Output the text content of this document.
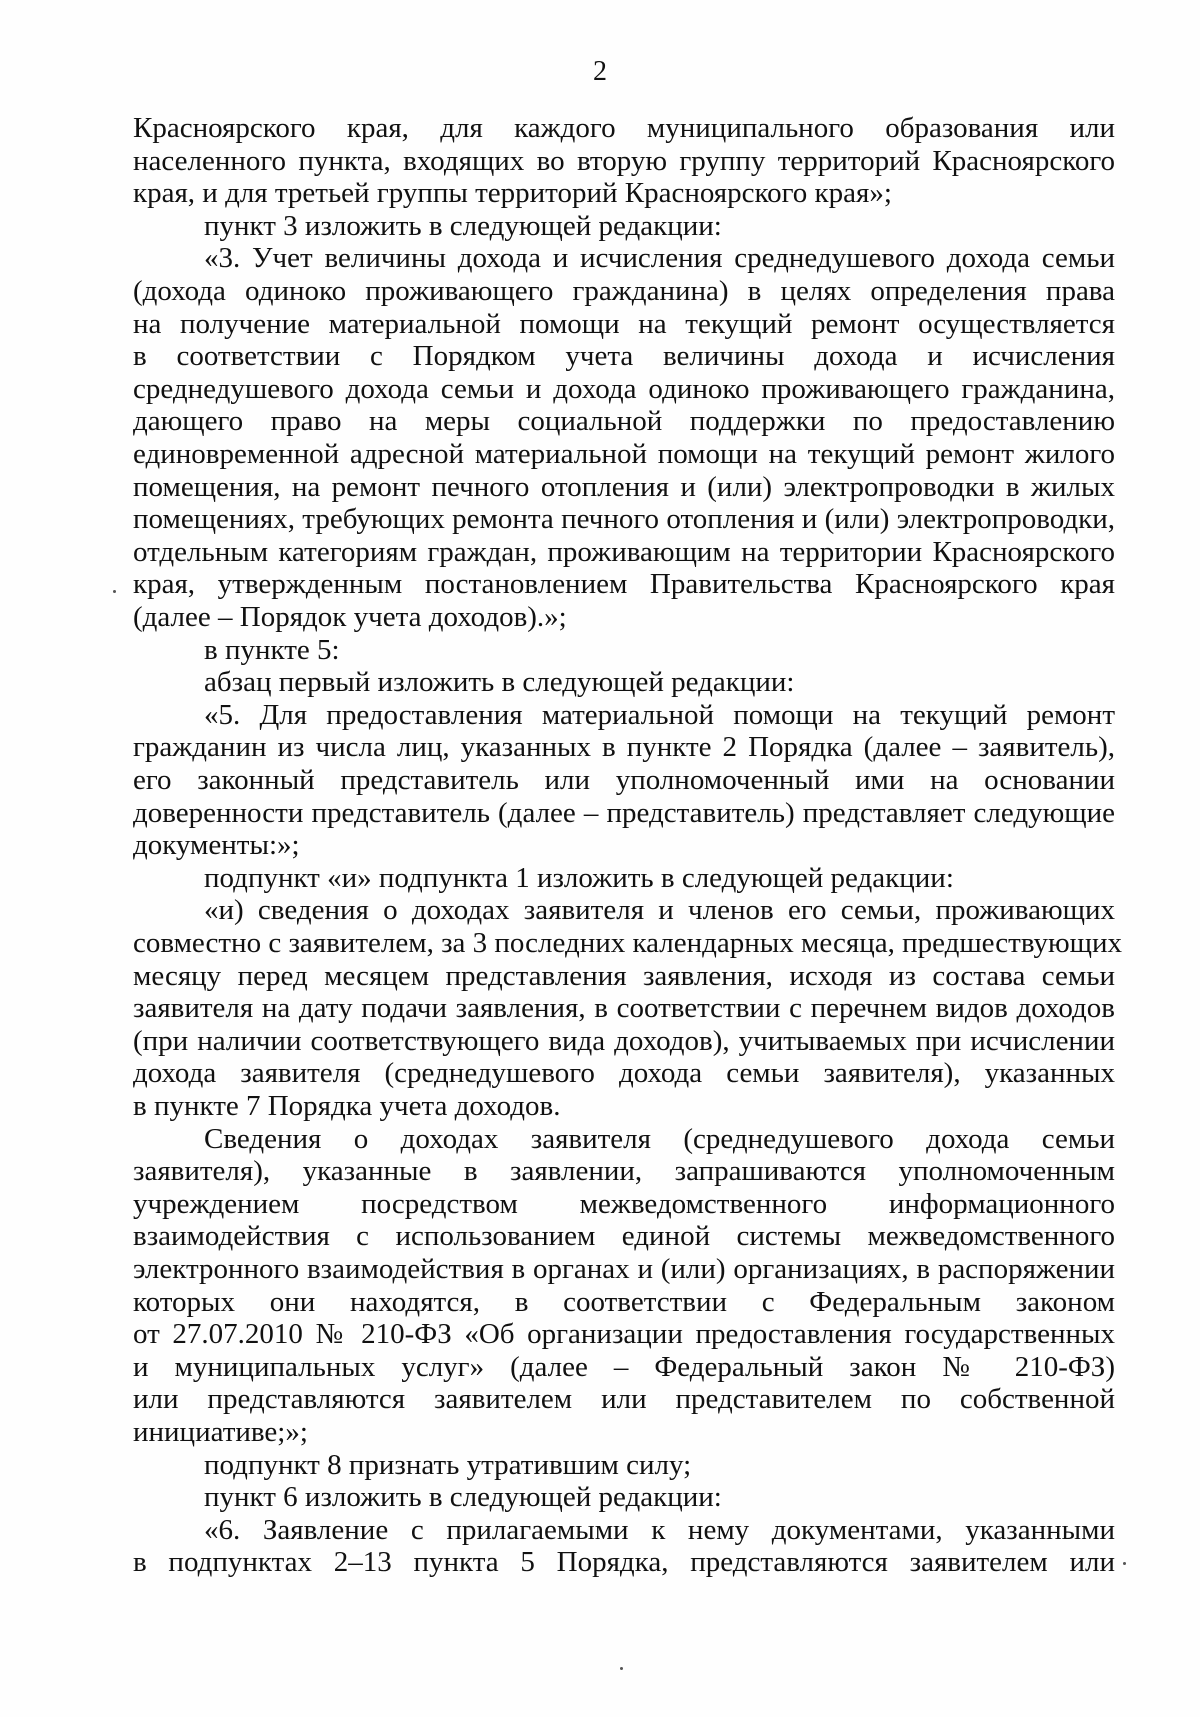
2
Красноярского края, для каждого муниципального образования или
населенного пункта, входящих во вторую группу территорий Красноярского
края, и для третьей группы территорий Красноярского края»;
пункт 3 изложить в следующей редакции:
«3. Учет величины дохода и исчисления среднедушевого дохода семьи
(дохода одиноко проживающего гражданина) в целях определения права
на получение материальной помощи на текущий ремонт осуществляется
в соответствии с Порядком учета величины дохода и исчисления
среднедушевого дохода семьи и дохода одиноко проживающего гражданина,
дающего право на меры социальной поддержки по предоставлению
единовременной адресной материальной помощи на текущий ремонт жилого
помещения, на ремонт печного отопления и (или) электропроводки в жилых
помещениях, требующих ремонта печного отопления и (или) электропроводки,
отдельным категориям граждан, проживающим на территории Красноярского
края, утвержденным постановлением Правительства Красноярского края
(далее – Порядок учета доходов).»;
в пункте 5:
абзац первый изложить в следующей редакции:
«5. Для предоставления материальной помощи на текущий ремонт
гражданин из числа лиц, указанных в пункте 2 Порядка (далее – заявитель),
его законный представитель или уполномоченный ими на основании
доверенности представитель (далее – представитель) представляет следующие
документы:»;
подпункт «и» подпункта 1 изложить в следующей редакции:
«и) сведения о доходах заявителя и членов его семьи, проживающих
совместно с заявителем, за 3 последних календарных месяца, предшествующих
месяцу перед месяцем представления заявления, исходя из состава семьи
заявителя на дату подачи заявления, в соответствии с перечнем видов доходов
(при наличии соответствующего вида доходов), учитываемых при исчислении
дохода заявителя (среднедушевого дохода семьи заявителя), указанных
в пункте 7 Порядка учета доходов.
Сведения о доходах заявителя (среднедушевого дохода семьи
заявителя), указанные в заявлении, запрашиваются уполномоченным
учреждением посредством межведомственного информационного
взаимодействия с использованием единой системы межведомственного
электронного взаимодействия в органах и (или) организациях, в распоряжении
которых они находятся, в соответствии с Федеральным законом
от 27.07.2010 № 210-ФЗ «Об организации предоставления государственных
и муниципальных услуг» (далее – Федеральный закон № 210-ФЗ)
или представляются заявителем или представителем по собственной
инициативе;»;
подпункт 8 признать утратившим силу;
пункт 6 изложить в следующей редакции:
«6. Заявление с прилагаемыми к нему документами, указанными
в подпунктах 2–13 пункта 5 Порядка, представляются заявителем или
